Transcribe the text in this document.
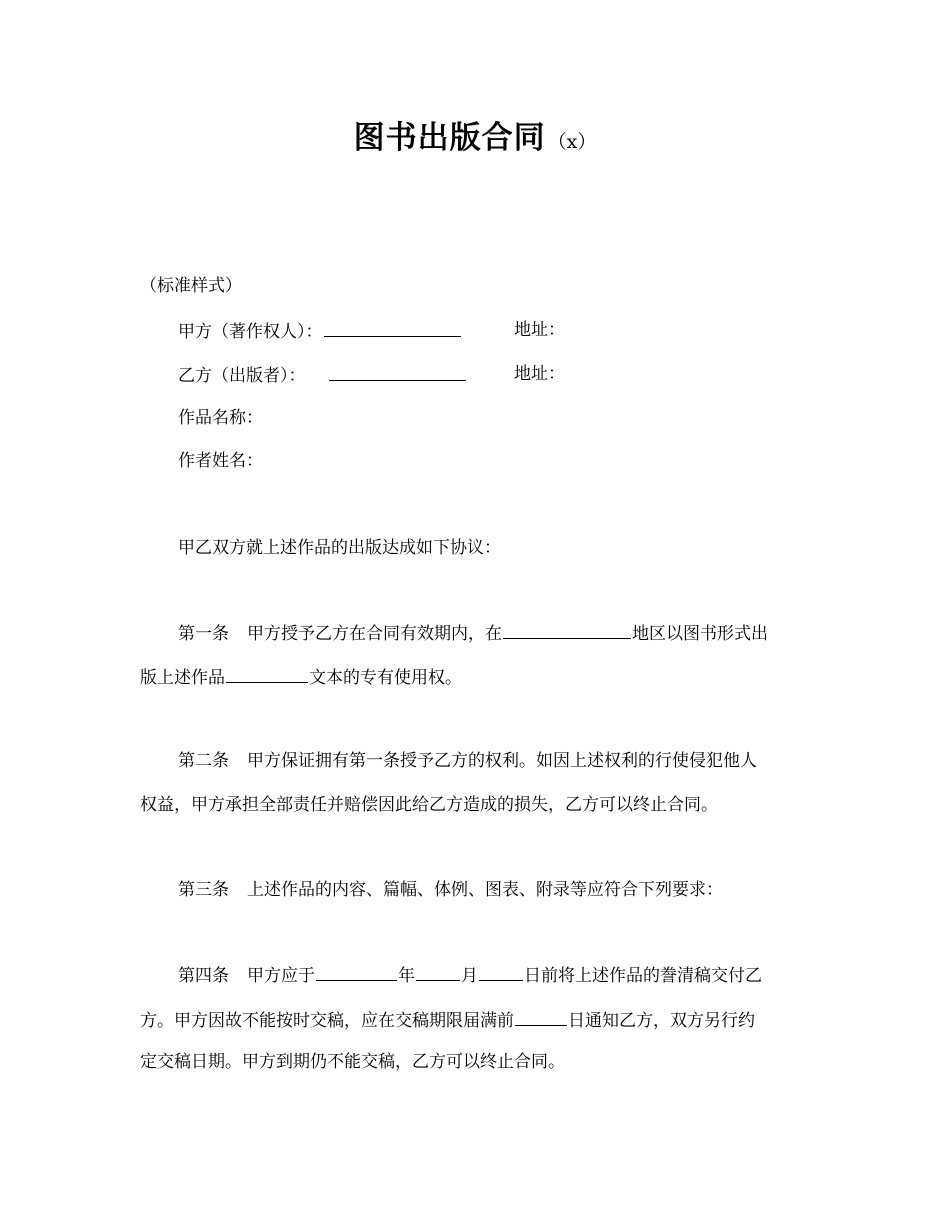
图书出版合同 （x）
（标准样式）
甲方（著作权人）：	地址：
乙方（出版者）：	地址：
作品名称：
作者姓名：
甲乙双方就上述作品的出版达成如下协议：
第一条 甲方授予乙方在合同有效期内，在	地区以图书形式出
版上述作品	文本的专有使用权。
第二条 甲方保证拥有第一条授予乙方的权利。如因上述权利的行使侵犯他人
权益，甲方承担全部责任并赔偿因此给乙方造成的损失，乙方可以终止合同。
第三条 上述作品的内容、篇幅、体例、图表、附录等应符合下列要求：
第四条 甲方应于	年	月	日前将上述作品的誊清稿交付乙
方。甲方因故不能按时交稿，应在交稿期限届满前	日通知乙方，双方另行约
定交稿日期。甲方到期仍不能交稿，乙方可以终止合同。
